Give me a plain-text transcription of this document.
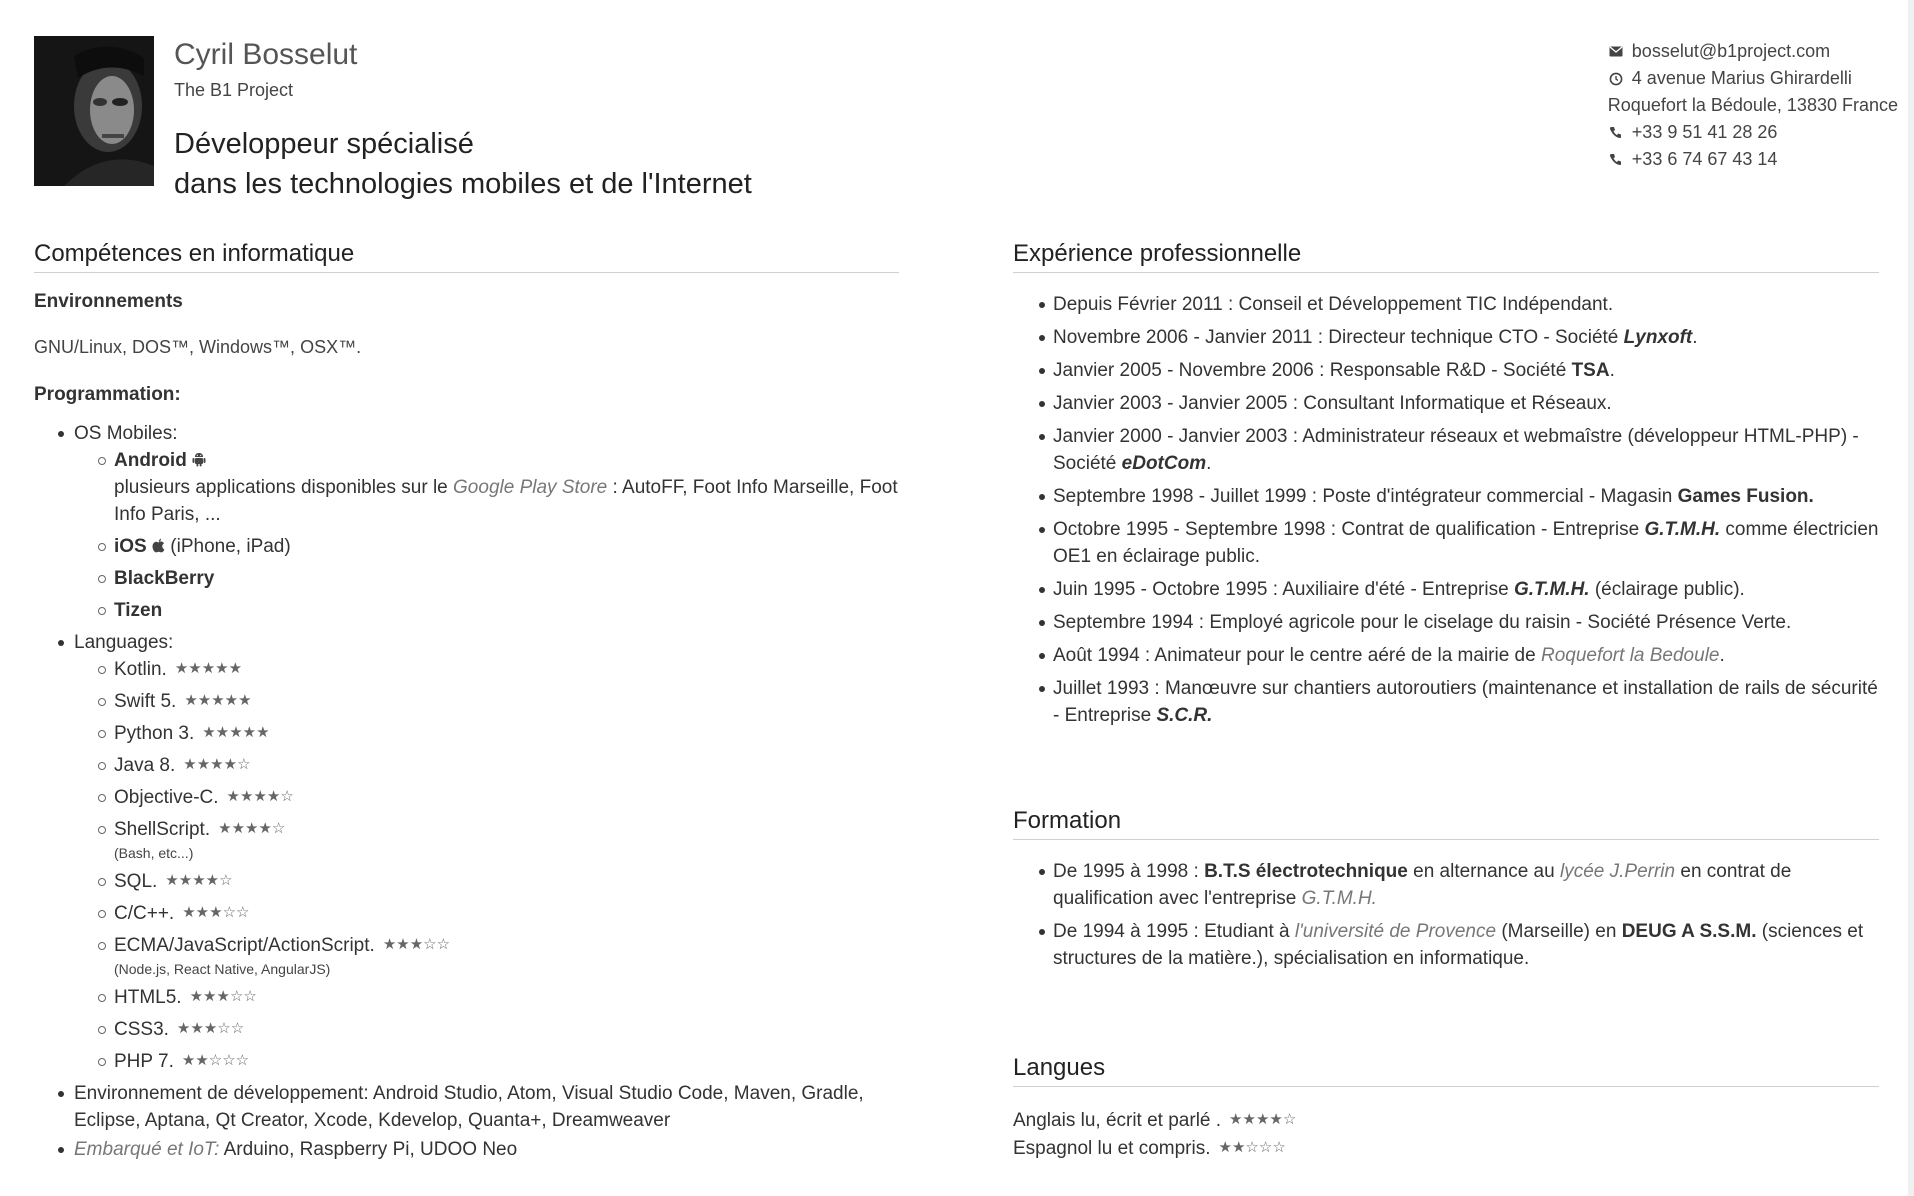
Cyril Bosselut
The B1 Project
Développeur spécialisé
dans les technologies mobiles et de l'Internet
bosselut@b1project.com
4 avenue Marius Ghirardelli
Roquefort la Bédoule, 13830 France
+33 9 51 41 28 26
+33 6 74 67 43 14
Compétences en informatique
Environnements
GNU/Linux, DOS™, Windows™, OSX™.
Programmation:
OS Mobiles:
Android
plusieurs applications disponibles sur le Google Play Store : AutoFF, Foot Info Marseille, Foot Info Paris, ...
iOS  (iPhone, iPad)
BlackBerry
Tizen
Languages:
Kotlin. ★ ★ ★ ★ ★
Swift 5. ★ ★ ★ ★ ★
Python 3. ★ ★ ★ ★ ★
Java 8. ★ ★ ★ ★ ☆
Objective-C. ★ ★ ★ ★ ☆
ShellScript. ★ ★ ★ ★ ☆
(Bash, etc...)
SQL. ★ ★ ★ ★ ☆
C/C++. ★ ★ ★ ☆ ☆
ECMA/JavaScript/ActionScript. ★ ★ ★ ☆ ☆
(Node.js, React Native, AngularJS)
HTML5. ★ ★ ★ ☆ ☆
CSS3. ★ ★ ★ ☆ ☆
PHP 7. ★ ★ ☆ ☆ ☆
Environnement de développement: Android Studio, Atom, Visual Studio Code, Maven, Gradle, Eclipse, Aptana, Qt Creator, Xcode, Kdevelop, Quanta+, Dreamweaver
Embarqué et IoT: Arduino, Raspberry Pi, UDOO Neo
Expérience professionnelle
Depuis Février 2011 : Conseil et Développement TIC Indépendant.
Novembre 2006 - Janvier 2011 : Directeur technique CTO - Société Lynxoft.
Janvier 2005 - Novembre 2006 : Responsable R&D - Société TSA.
Janvier 2003 - Janvier 2005 : Consultant Informatique et Réseaux.
Janvier 2000 - Janvier 2003 : Administrateur réseaux et webmaîstre (développeur HTML-PHP) - Société eDotCom.
Septembre 1998 - Juillet 1999 : Poste d'intégrateur commercial - Magasin Games Fusion.
Octobre 1995 - Septembre 1998 : Contrat de qualification - Entreprise G.T.M.H. comme électricien OE1 en éclairage public.
Juin 1995 - Octobre 1995 : Auxiliaire d'été - Entreprise G.T.M.H. (éclairage public).
Septembre 1994 : Employé agricole pour le ciselage du raisin - Société Présence Verte.
Août 1994 : Animateur pour le centre aéré de la mairie de Roquefort la Bedoule.
Juillet 1993 : Manœuvre sur chantiers autoroutiers (maintenance et installation de rails de sécurité - Entreprise S.C.R.
Formation
De 1995 à 1998 : B.T.S électrotechnique en alternance au lycée J.Perrin en contrat de qualification avec l'entreprise G.T.M.H.
De 1994 à 1995 : Etudiant à l'université de Provence (Marseille) en DEUG A S.S.M. (sciences et structures de la matière.), spécialisation en informatique.
Langues
Anglais lu, écrit et parlé . ★ ★ ★ ★ ☆
Espagnol lu et compris. ★ ★ ☆ ☆ ☆
